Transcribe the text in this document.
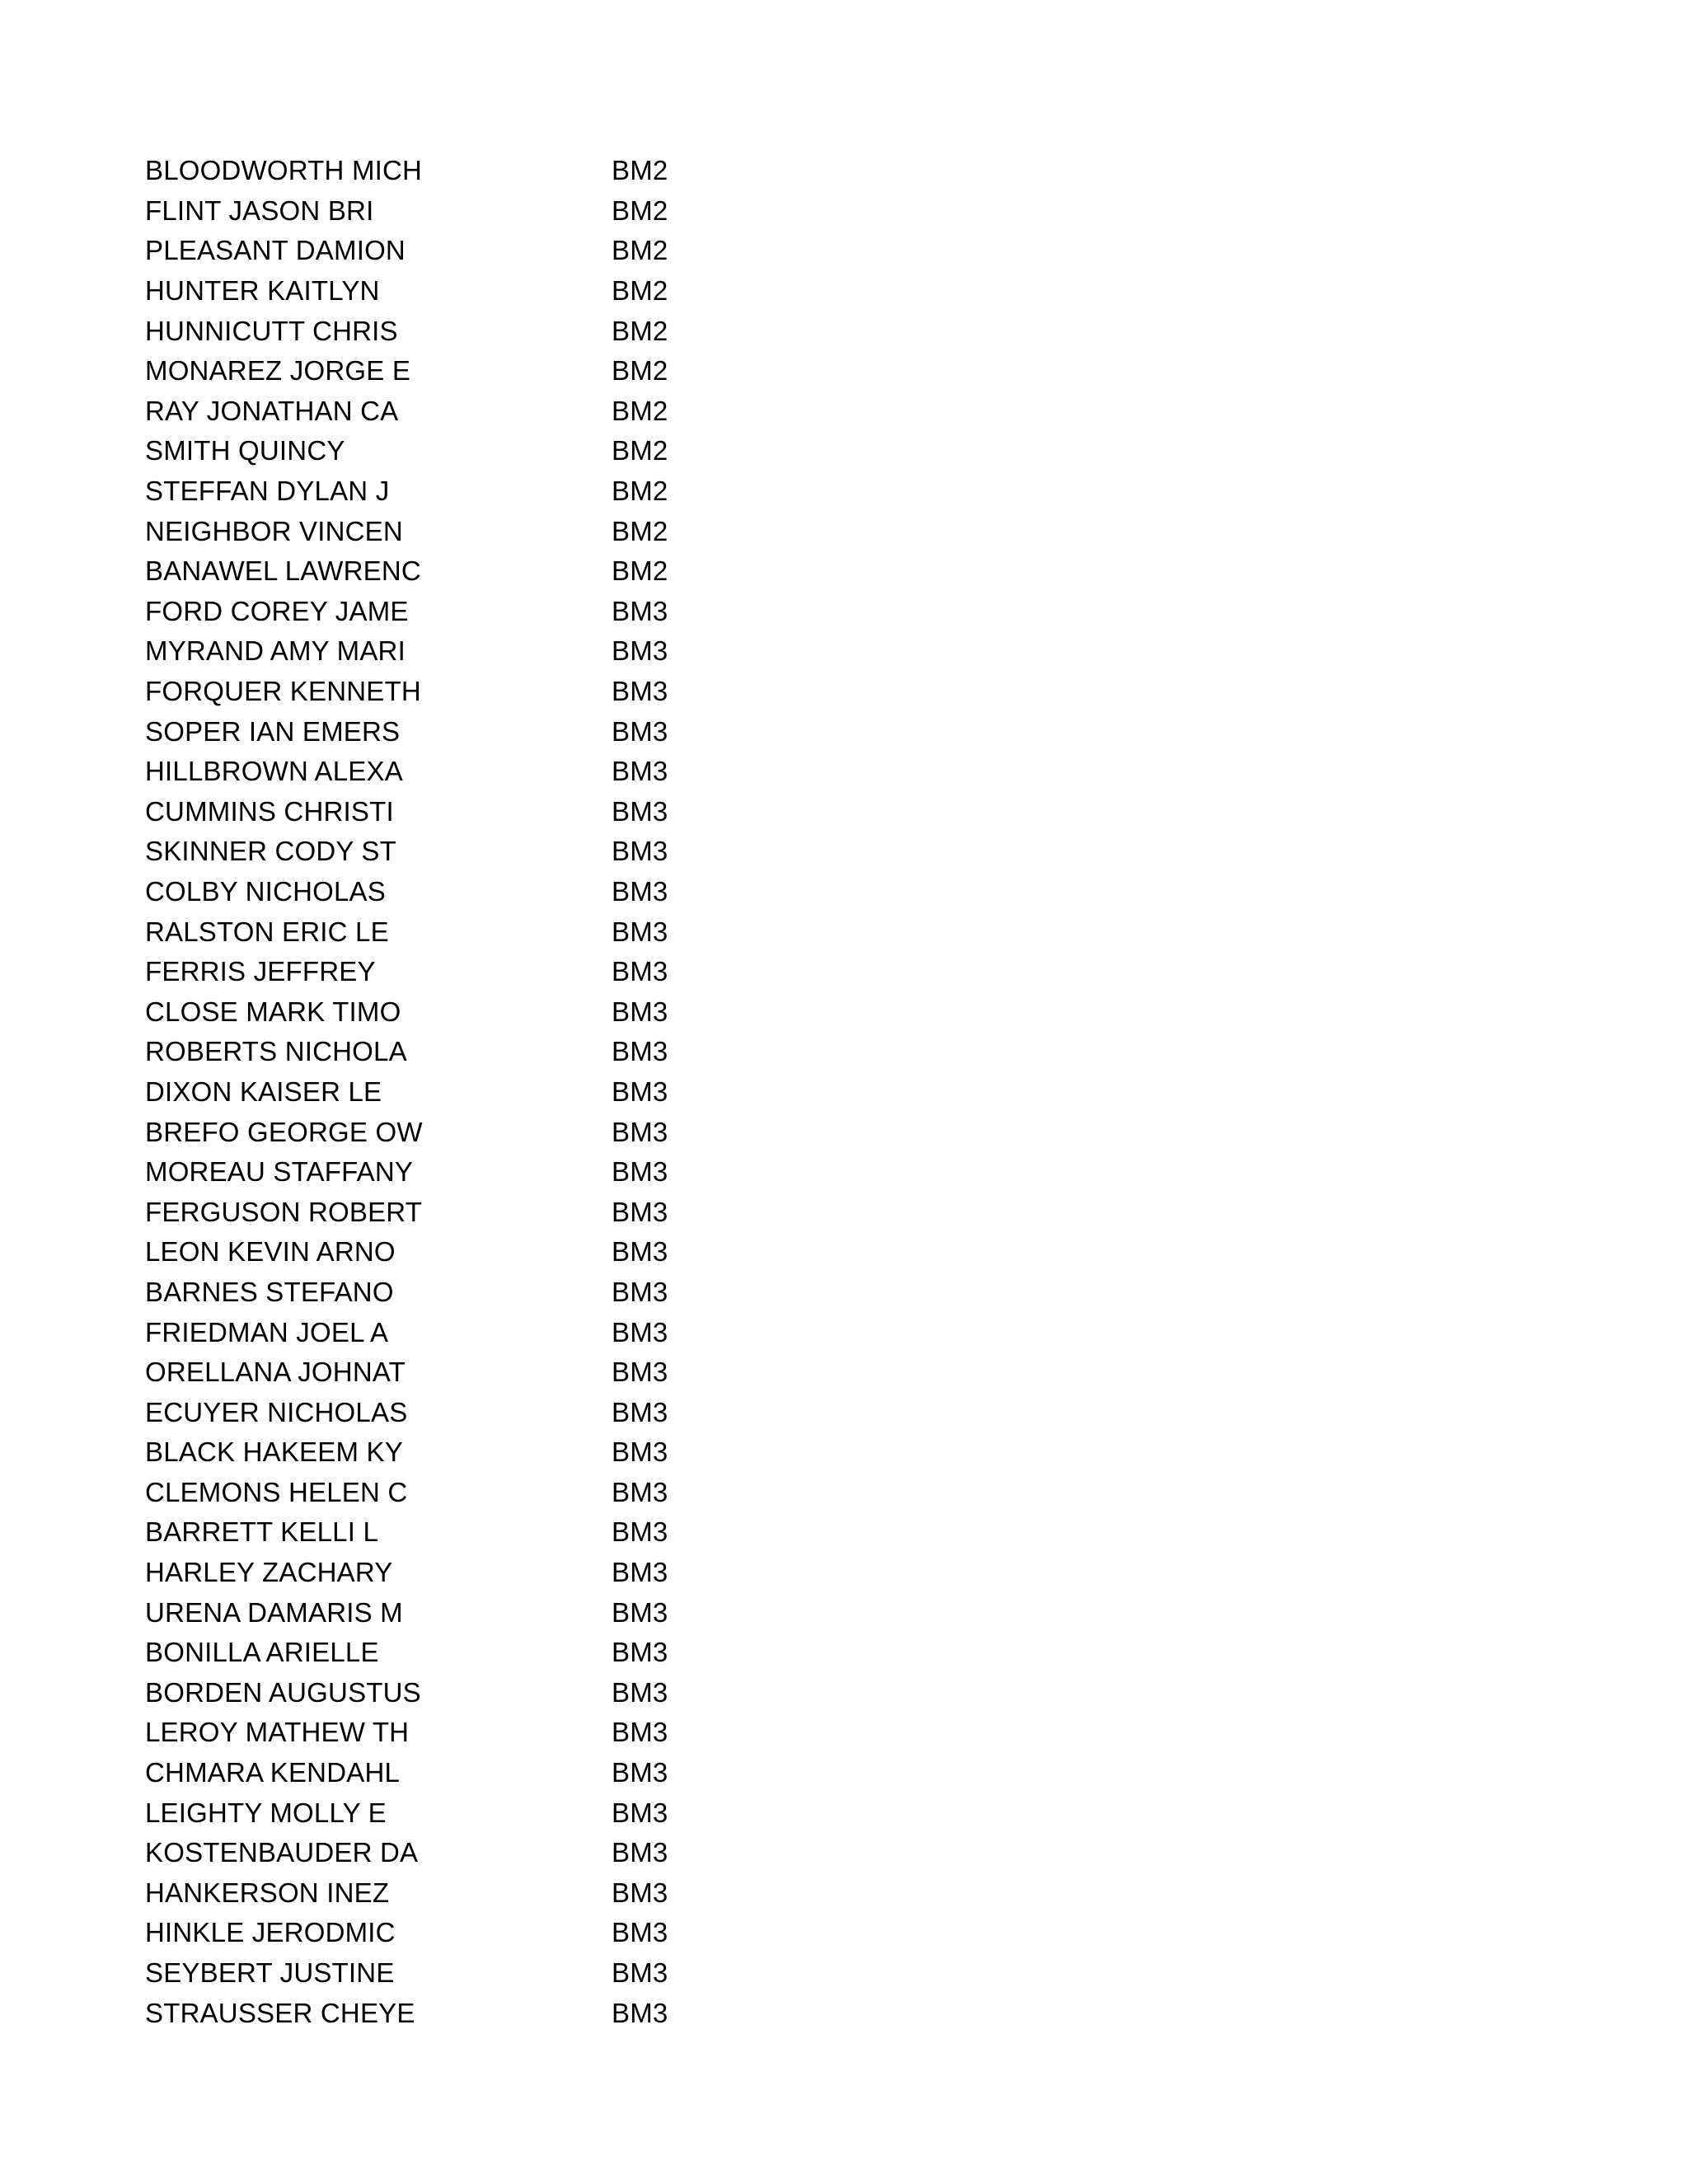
BLOODWORTH MICH	BM2
FLINT JASON BRI	BM2
PLEASANT DAMION	BM2
HUNTER KAITLYN	BM2
HUNNICUTT CHRIS	BM2
MONAREZ JORGE E	BM2
RAY JONATHAN CA	BM2
SMITH QUINCY	BM2
STEFFAN DYLAN J	BM2
NEIGHBOR VINCEN	BM2
BANAWEL LAWRENC	BM2
FORD COREY JAME	BM3
MYRAND AMY MARI	BM3
FORQUER KENNETH	BM3
SOPER IAN EMERS	BM3
HILLBROWN ALEXA	BM3
CUMMINS CHRISTI	BM3
SKINNER CODY ST	BM3
COLBY NICHOLAS	BM3
RALSTON ERIC LE	BM3
FERRIS JEFFREY	BM3
CLOSE MARK TIMO	BM3
ROBERTS NICHOLA	BM3
DIXON KAISER LE	BM3
BREFO GEORGE OW	BM3
MOREAU STAFFANY	BM3
FERGUSON ROBERT	BM3
LEON KEVIN ARNO	BM3
BARNES STEFANO	BM3
FRIEDMAN JOEL A	BM3
ORELLANA JOHNAT	BM3
ECUYER NICHOLAS	BM3
BLACK HAKEEM KY	BM3
CLEMONS HELEN C	BM3
BARRETT KELLI L	BM3
HARLEY ZACHARY	BM3
URENA DAMARIS M	BM3
BONILLA ARIELLE	BM3
BORDEN AUGUSTUS	BM3
LEROY MATHEW TH	BM3
CHMARA KENDAHL	BM3
LEIGHTY MOLLY E	BM3
KOSTENBAUDER DA	BM3
HANKERSON INEZ	BM3
HINKLE JERODMIC	BM3
SEYBERT JUSTINE	BM3
STRAUSSER CHEYE	BM3
